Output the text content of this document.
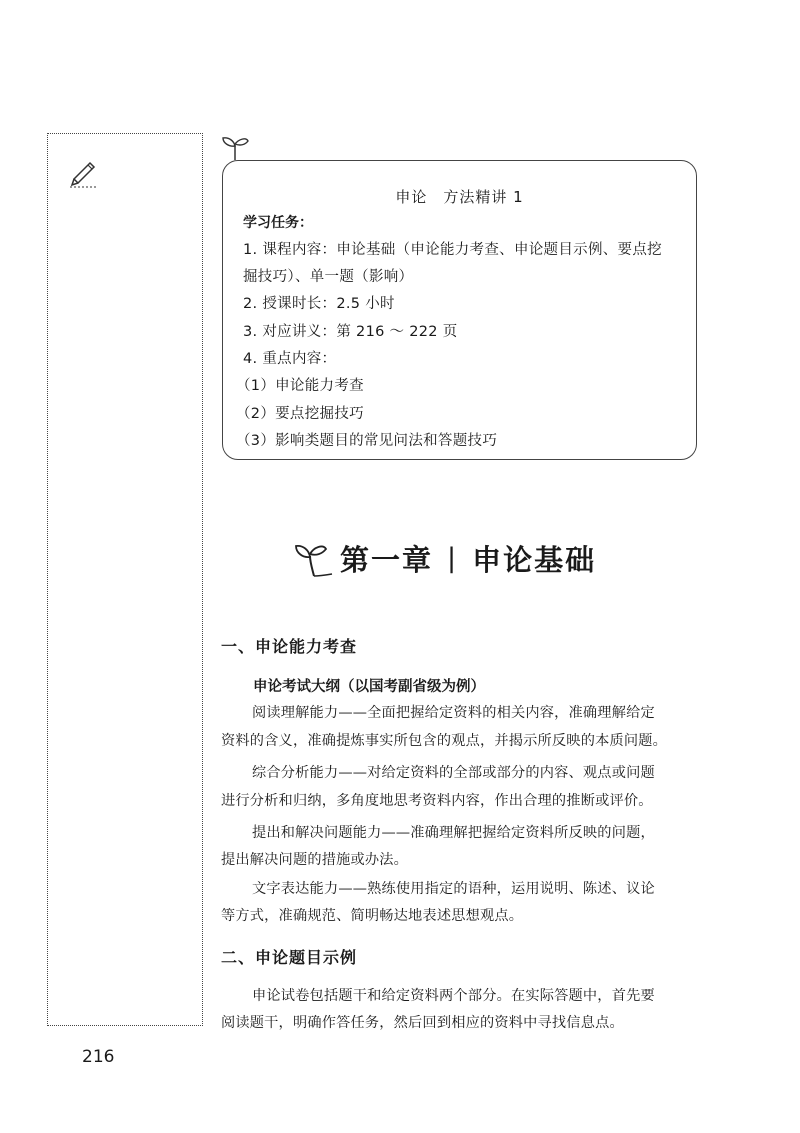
申论　方法精讲 1
学习任务：
1. 课程内容：申论基础（申论能力考查、申论题目示例、要点挖
掘技巧）、单一题（影响）
2. 授课时长：2.5 小时
3. 对应讲义：第 216 ～ 222 页
4. 重点内容：
（1）申论能力考查
（2）要点挖掘技巧
（3）影响类题目的常见问法和答题技巧
第一章 | 申论基础
一、申论能力考查
申论考试大纲（以国考副省级为例）
阅读理解能力——全面把握给定资料的相关内容，准确理解给定
资料的含义，准确提炼事实所包含的观点，并揭示所反映的本质问题。
综合分析能力——对给定资料的全部或部分的内容、观点或问题
进行分析和归纳，多角度地思考资料内容，作出合理的推断或评价。
提出和解决问题能力——准确理解把握给定资料所反映的问题，
提出解决问题的措施或办法。
文字表达能力——熟练使用指定的语种，运用说明、陈述、议论
等方式，准确规范、简明畅达地表述思想观点。
二、申论题目示例
申论试卷包括题干和给定资料两个部分。在实际答题中，首先要
阅读题干，明确作答任务，然后回到相应的资料中寻找信息点。
216
